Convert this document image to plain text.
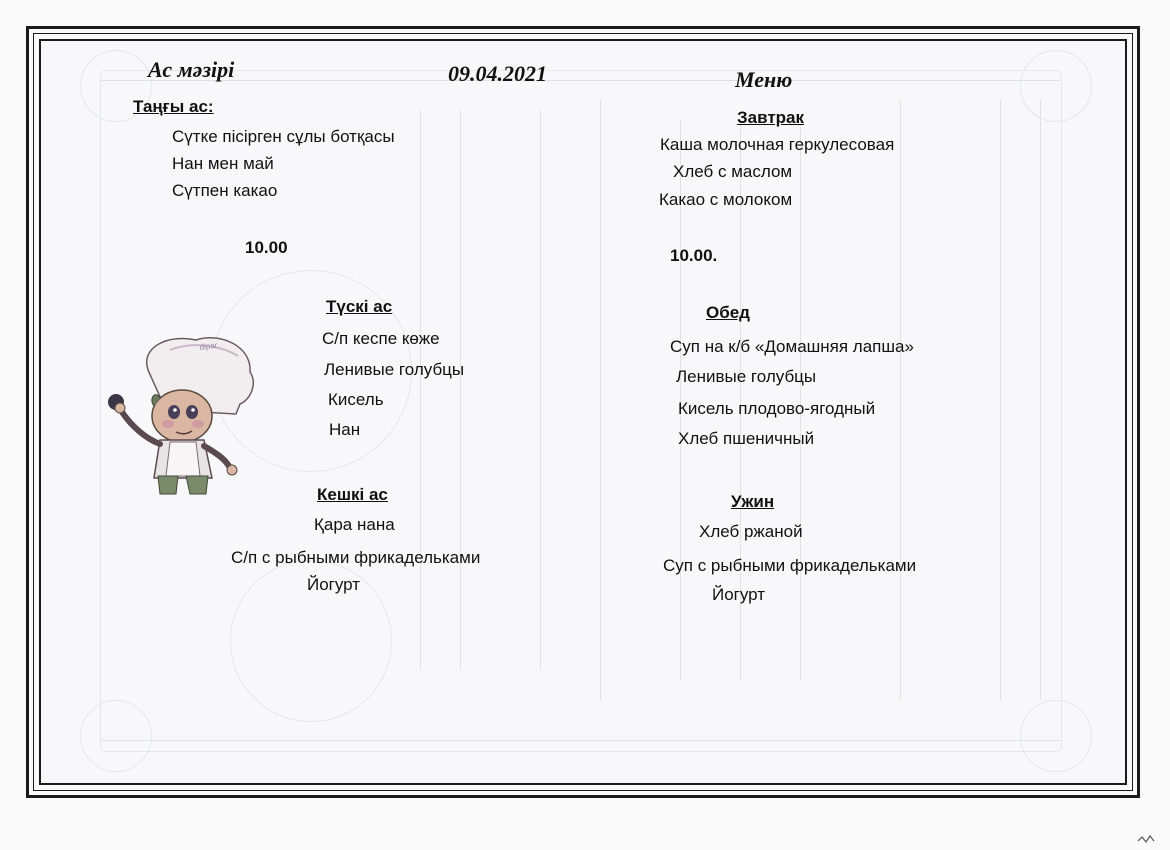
Ас мәзірі	09.04.2021	Меню
Таңғы ас:
Сүтке пісірген сұлы ботқасы
Нан мен май
Сүтпен какао
10.00
Түскі ас
С/п кеспе көже
Ленивые голубцы
Кисель
Нан
Кешкі ас
Қара нана
С/п с рыбными фрикадельками
Йогурт
Завтрак
Каша молочная геркулесовая
Хлеб с маслом
Какао с молоком
10.00.
Обед
Суп на к/б «Домашняя лапша»
Ленивые голубцы
Кисель плодово-ягодный
Хлеб пшеничный
Ужин
Хлеб ржаной
Суп с рыбными фрикадельками
Йогурт
dipar
